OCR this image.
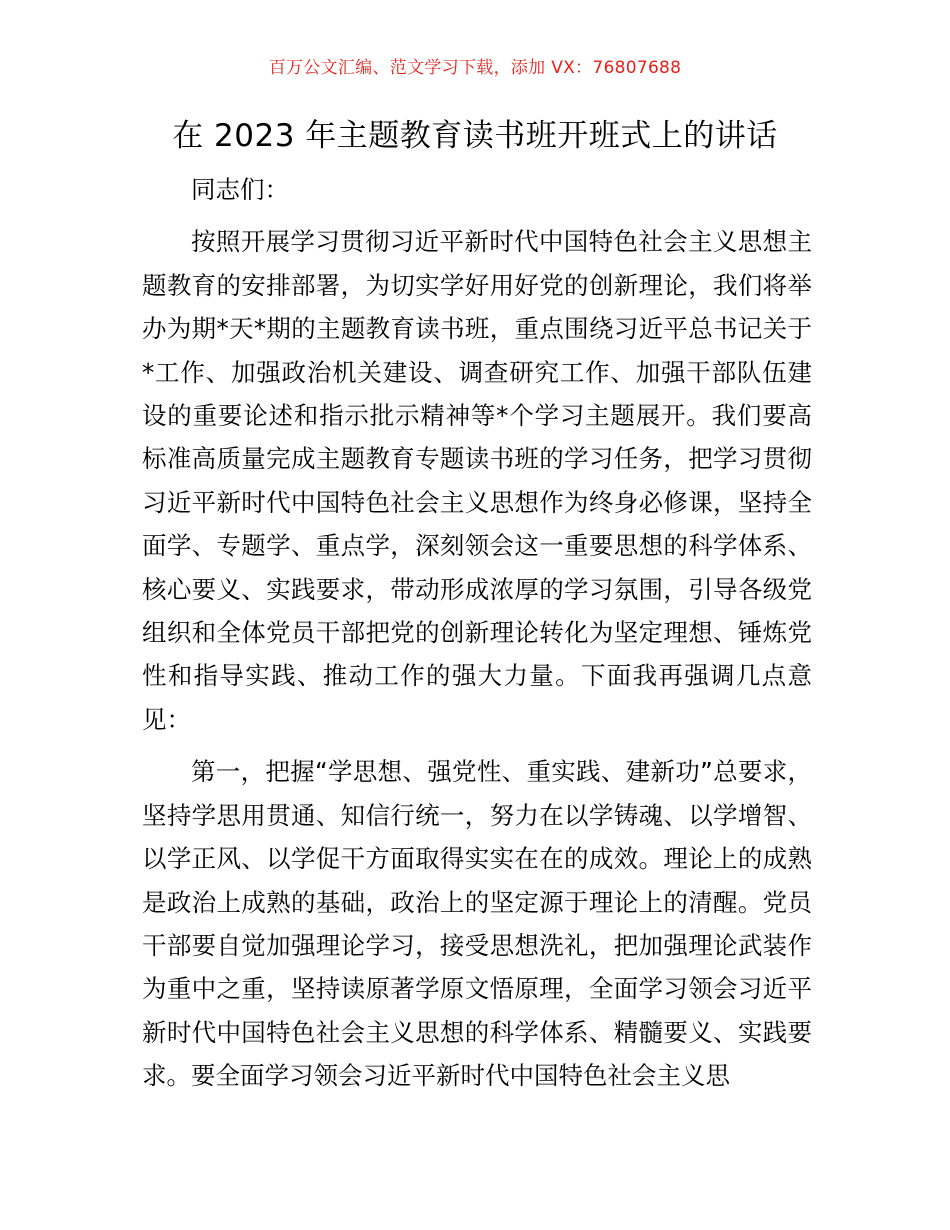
百万公文汇编、范文学习下载，添加 VX：76807688
在 2023 年主题教育读书班开班式上的讲话

同志们：

按照开展学习贯彻习近平新时代中国特色社会主义思想主题教育的安排部署，为切实学好用好党的创新理论，我们将举办为期*天*期的主题教育读书班，重点围绕习近平总书记关于*工作、加强政治机关建设、调查研究工作、加强干部队伍建设的重要论述和指示批示精神等*个学习主题展开。我们要高标准高质量完成主题教育专题读书班的学习任务，把学习贯彻习近平新时代中国特色社会主义思想作为终身必修课，坚持全面学、专题学、重点学，深刻领会这一重要思想的科学体系、核心要义、实践要求，带动形成浓厚的学习氛围，引导各级党组织和全体党员干部把党的创新理论转化为坚定理想、锤炼党性和指导实践、推动工作的强大力量。下面我再强调几点意见：

第一，把握“学思想、强党性、重实践、建新功”总要求，坚持学思用贯通、知信行统一，努力在以学铸魂、以学增智、以学正风、以学促干方面取得实实在在的成效。理论上的成熟是政治上成熟的基础，政治上的坚定源于理论上的清醒。党员干部要自觉加强理论学习，接受思想洗礼，把加强理论武装作为重中之重，坚持读原著学原文悟原理，全面学习领会习近平新时代中国特色社会主义思想的科学体系、精髓要义、实践要求。要全面学习领会习近平新时代中国特色社会主义思
